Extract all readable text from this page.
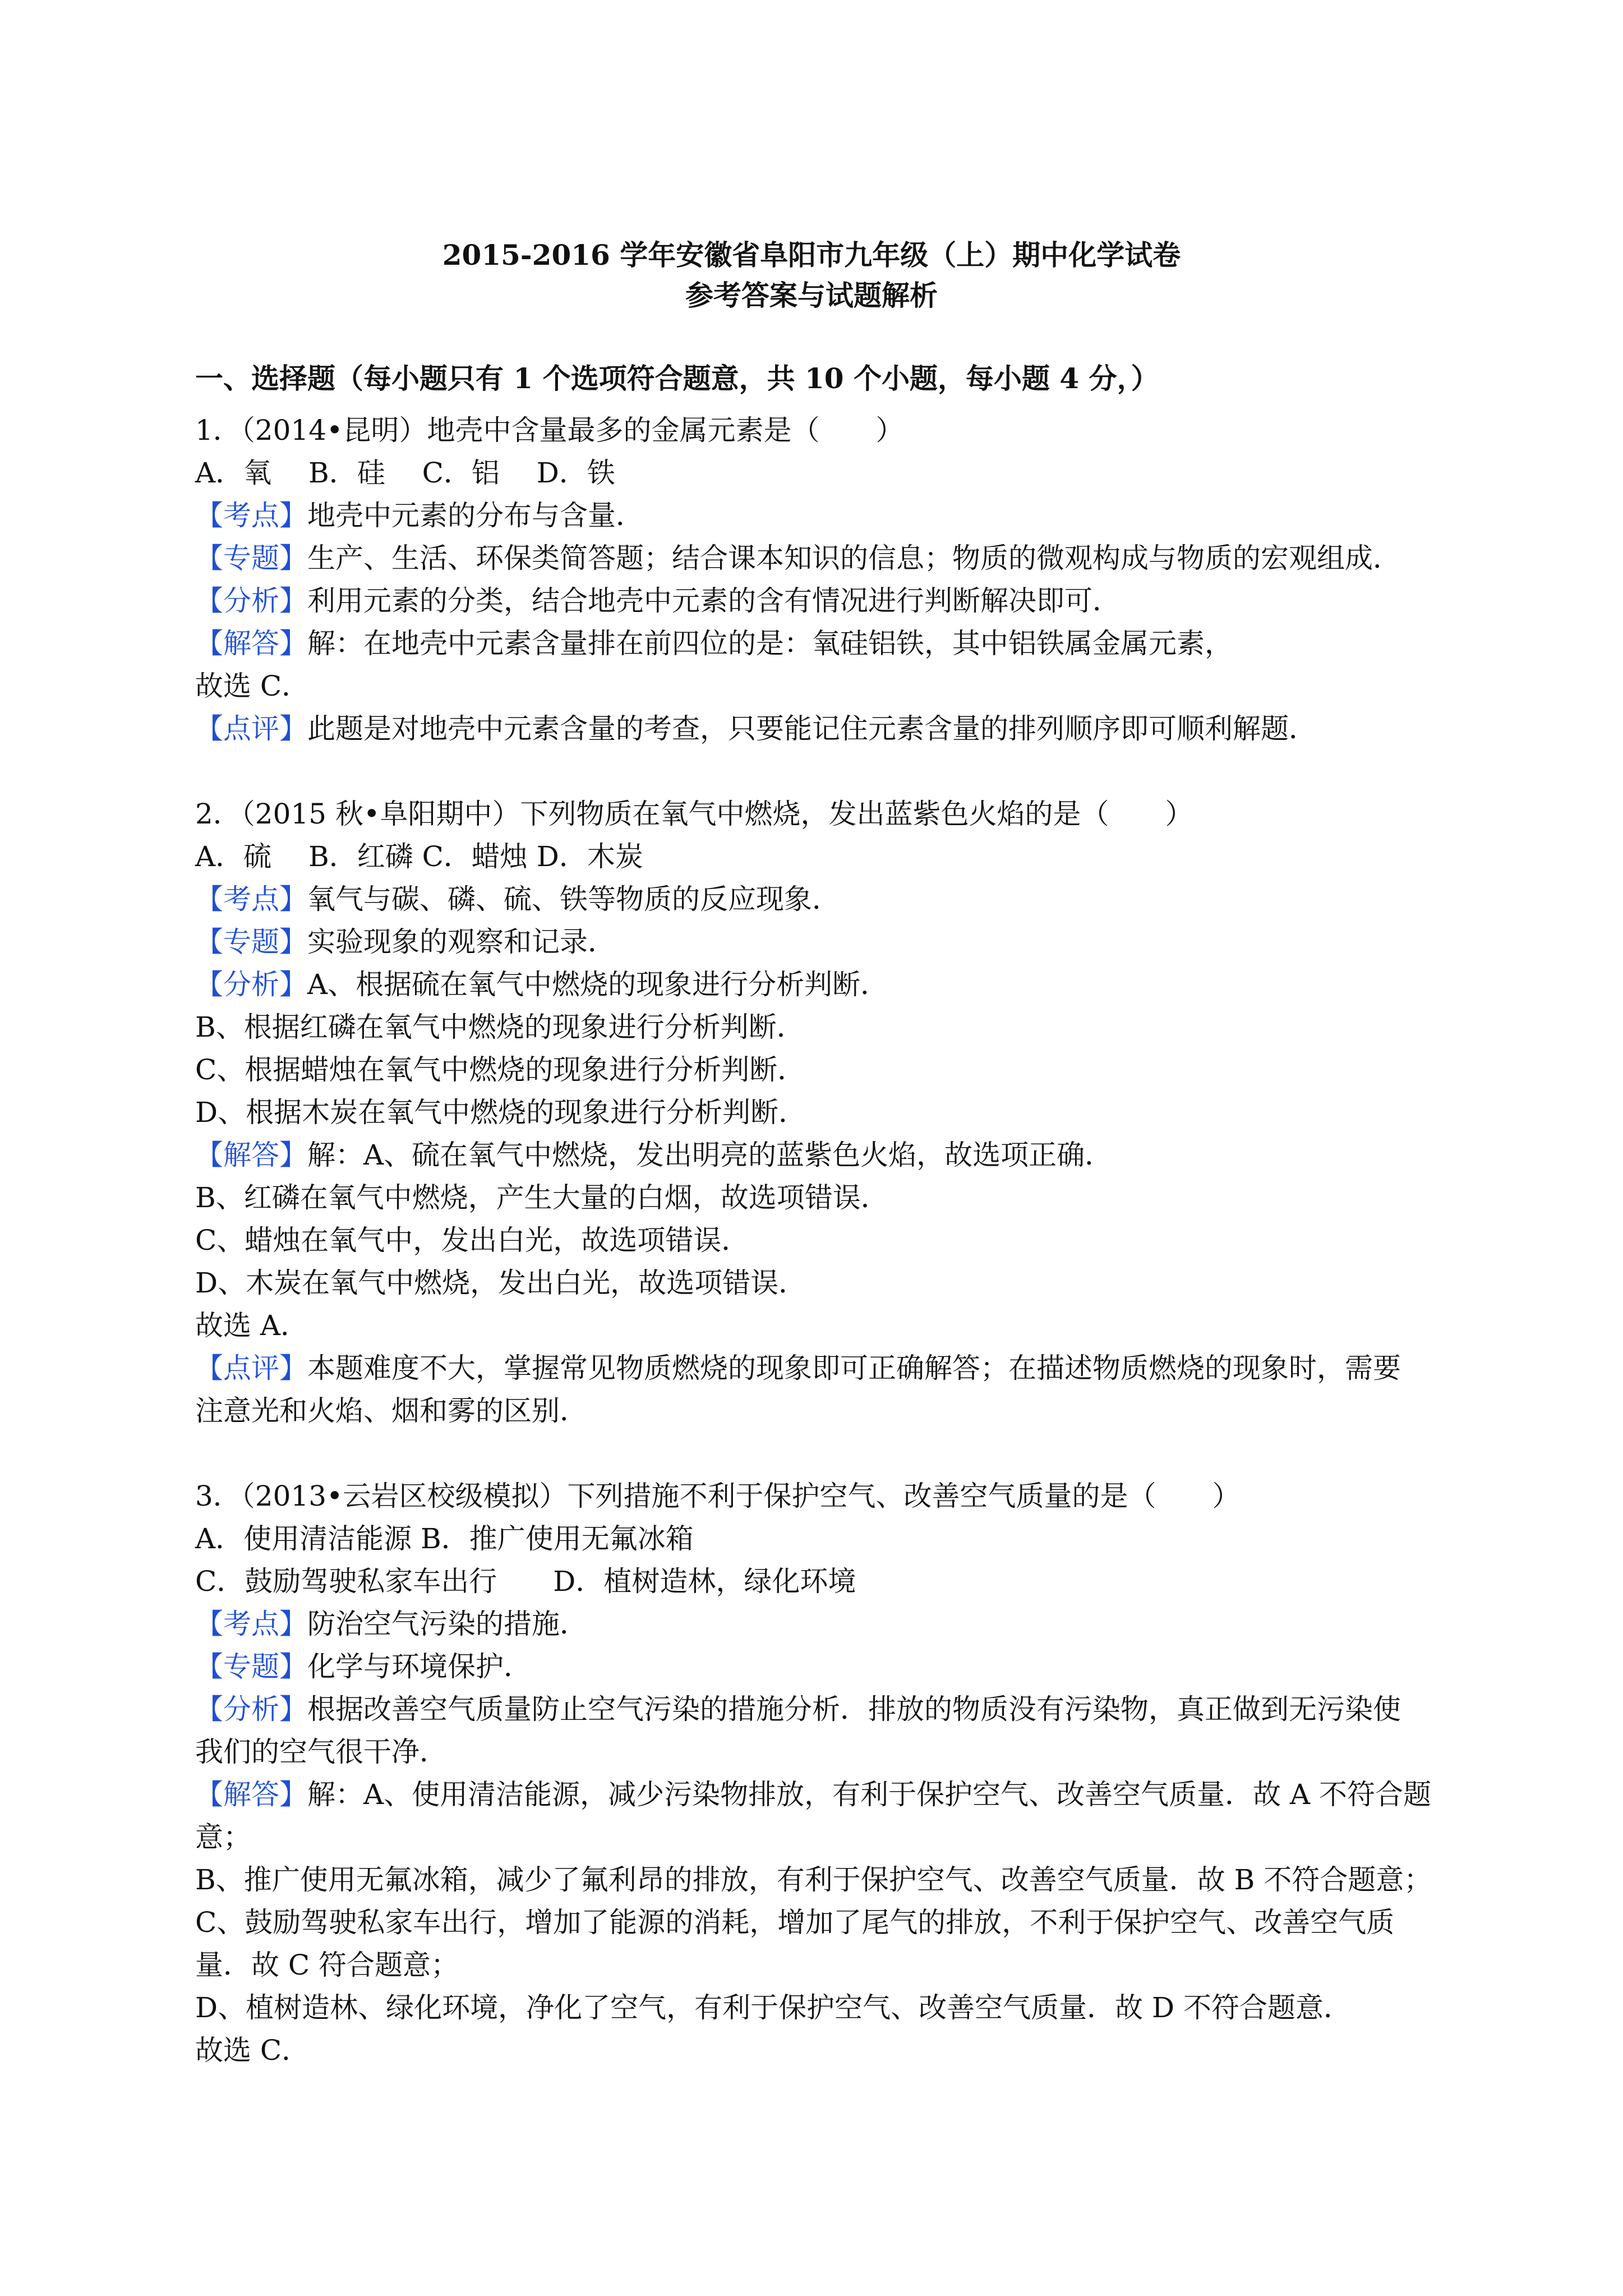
2015-2016 学年安徽省阜阳市九年级（上）期中化学试卷
参考答案与试题解析
一、选择题（每小题只有 1 个选项符合题意，共 10 个小题，每小题 4 分，）
1．（2014•昆明）地壳中含量最多的金属元素是（　　）
A．氧　 B．硅　 C．铝　 D．铁
【考点】地壳中元素的分布与含量．
【专题】生产、生活、环保类简答题；结合课本知识的信息；物质的微观构成与物质的宏观组成．
【分析】利用元素的分类，结合地壳中元素的含有情况进行判断解决即可．
【解答】解：在地壳中元素含量排在前四位的是：氧硅铝铁，其中铝铁属金属元素，
故选 C．
【点评】此题是对地壳中元素含量的考查，只要能记住元素含量的排列顺序即可顺利解题．
2．（2015 秋•阜阳期中）下列物质在氧气中燃烧，发出蓝紫色火焰的是（　　）
A．硫　 B．红磷 C．蜡烛 D．木炭
【考点】氧气与碳、磷、硫、铁等物质的反应现象．
【专题】实验现象的观察和记录．
【分析】A、根据硫在氧气中燃烧的现象进行分析判断．
B、根据红磷在氧气中燃烧的现象进行分析判断．
C、根据蜡烛在氧气中燃烧的现象进行分析判断．
D、根据木炭在氧气中燃烧的现象进行分析判断．
【解答】解：A、硫在氧气中燃烧，发出明亮的蓝紫色火焰，故选项正确．
B、红磷在氧气中燃烧，产生大量的白烟，故选项错误．
C、蜡烛在氧气中，发出白光，故选项错误．
D、木炭在氧气中燃烧，发出白光，故选项错误．
故选 A．
【点评】本题难度不大，掌握常见物质燃烧的现象即可正确解答；在描述物质燃烧的现象时，需要
注意光和火焰、烟和雾的区别．
3．（2013•云岩区校级模拟）下列措施不利于保护空气、改善空气质量的是（　　）
A．使用清洁能源 B．推广使用无氟冰箱
C．鼓励驾驶私家车出行　　D．植树造林，绿化环境
【考点】防治空气污染的措施．
【专题】化学与环境保护．
【分析】根据改善空气质量防止空气污染的措施分析．排放的物质没有污染物，真正做到无污染使
我们的空气很干净．
【解答】解：A、使用清洁能源，减少污染物排放，有利于保护空气、改善空气质量．故 A 不符合题
意；
B、推广使用无氟冰箱，减少了氟利昂的排放，有利于保护空气、改善空气质量．故 B 不符合题意；
C、鼓励驾驶私家车出行，增加了能源的消耗，增加了尾气的排放，不利于保护空气、改善空气质
量．故 C 符合题意；
D、植树造林、绿化环境，净化了空气，有利于保护空气、改善空气质量．故 D 不符合题意．
故选 C．
